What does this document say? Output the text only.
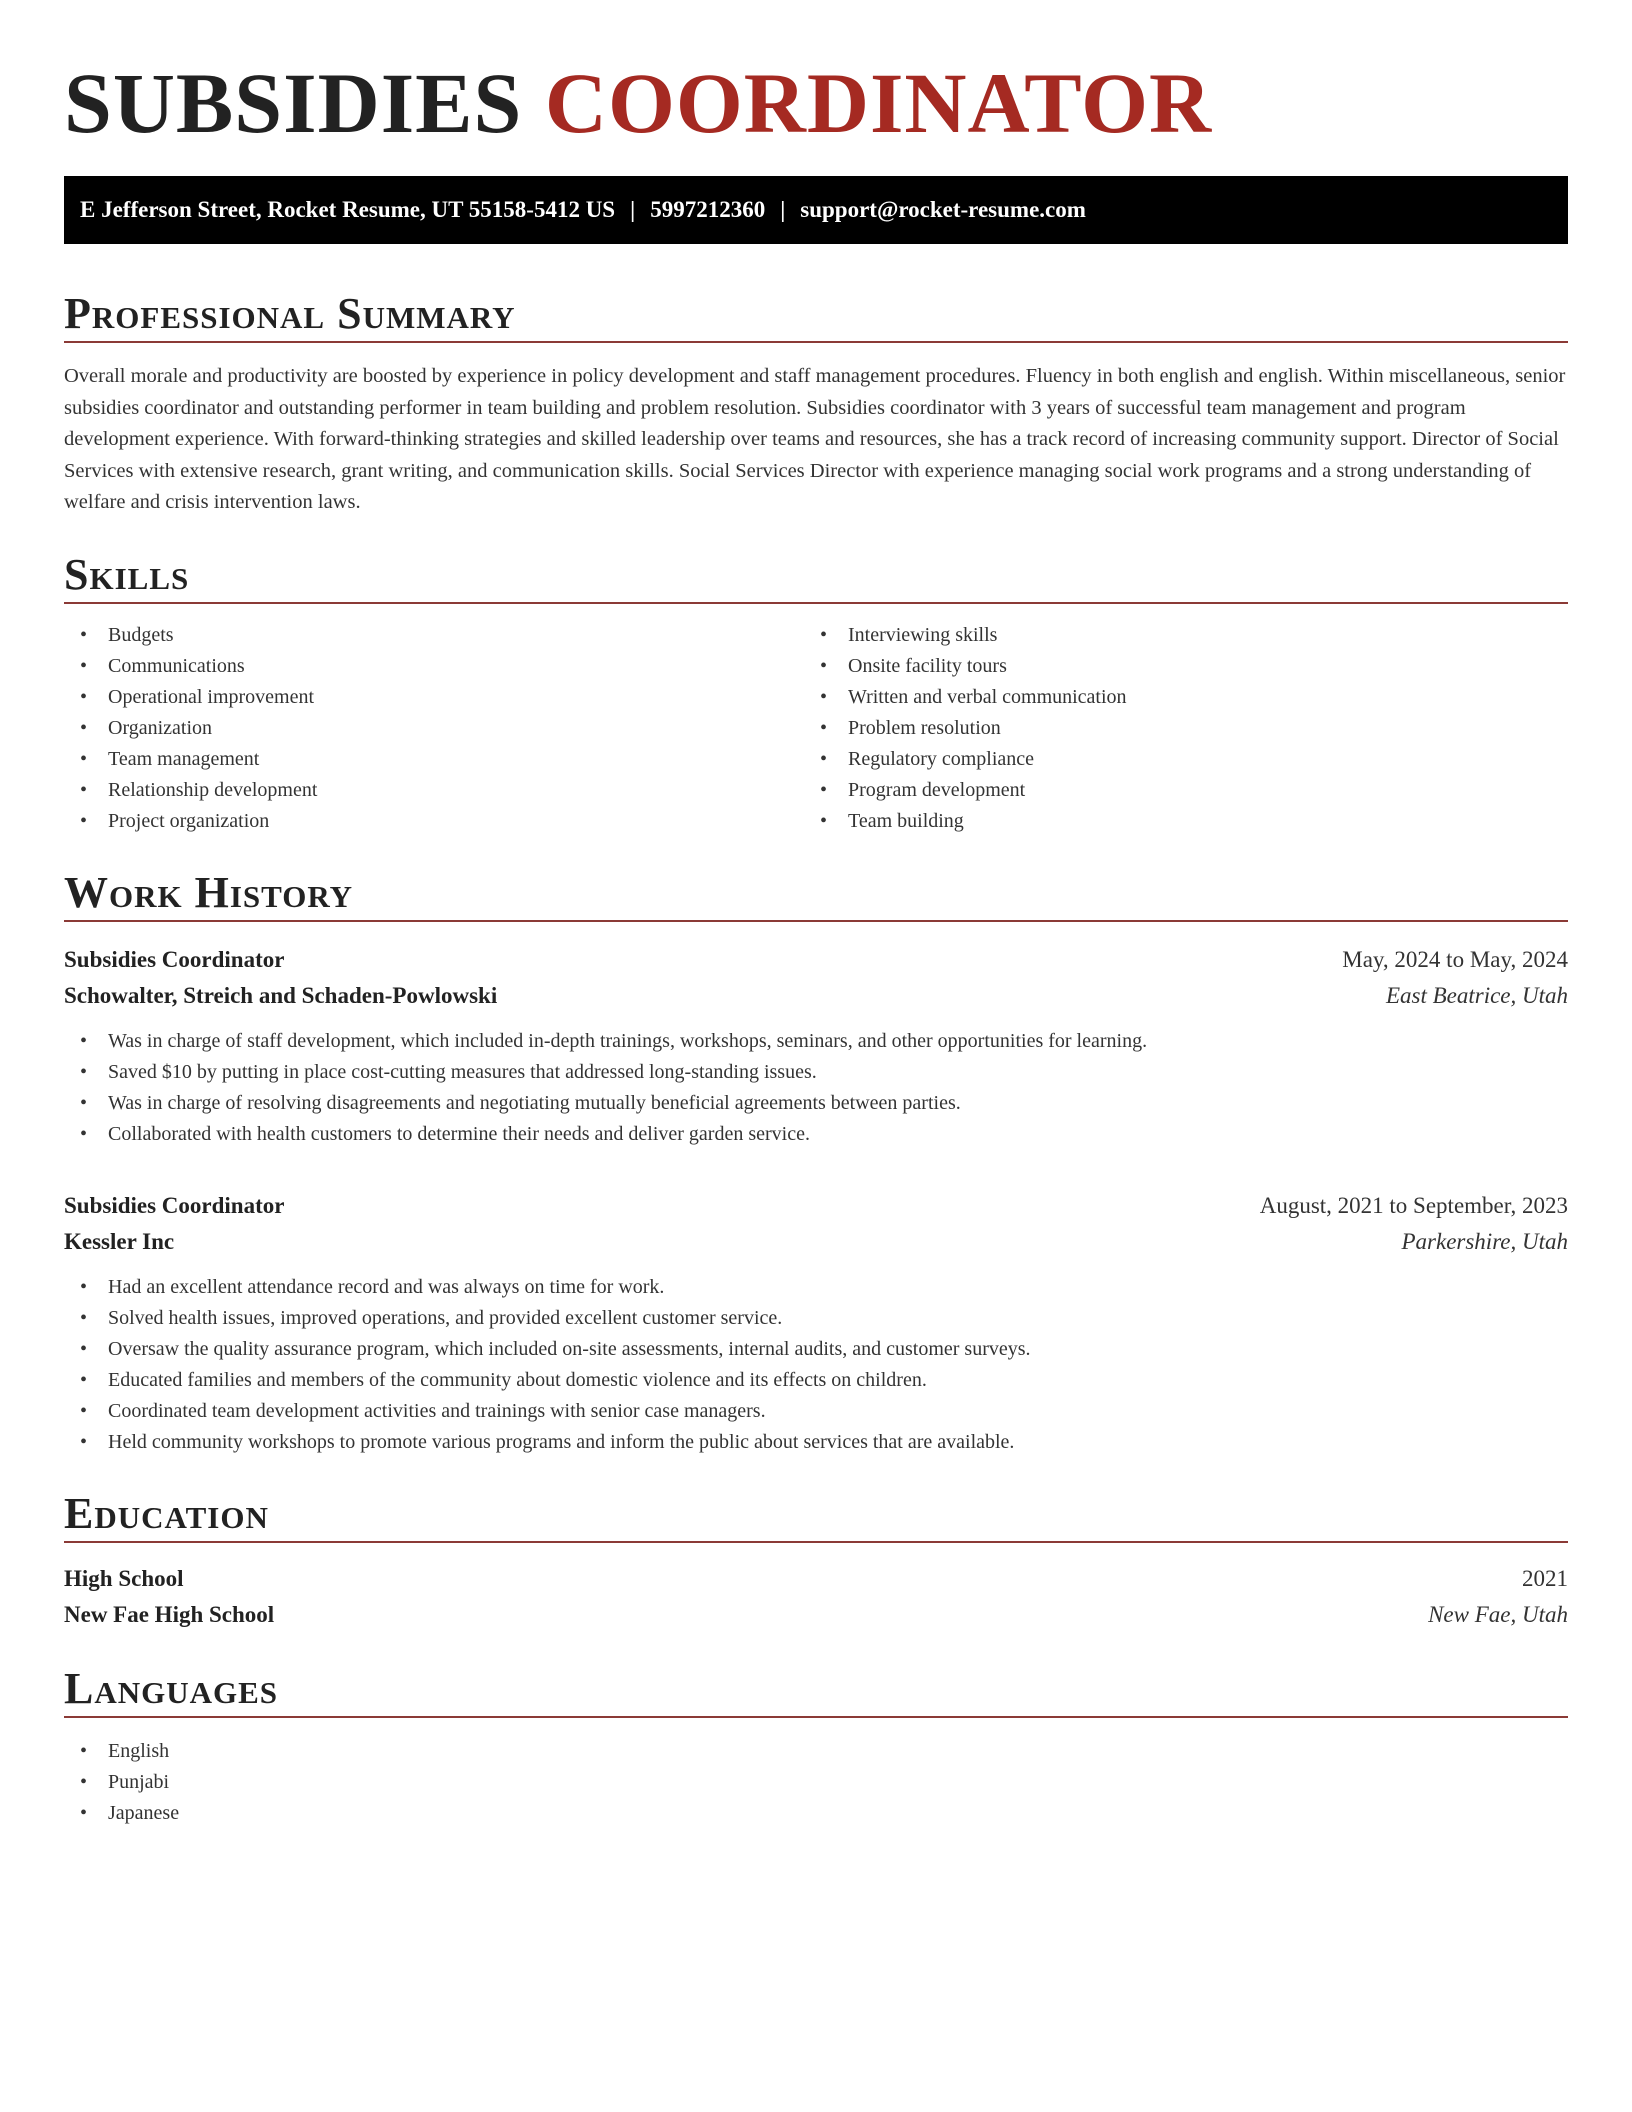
SUBSIDIES COORDINATOR
E Jefferson Street, Rocket Resume, UT 55158-5412 US | 5997212360 | support@rocket-resume.com
Professional Summary

Overall morale and productivity are boosted by experience in policy development and staff management procedures. Fluency in both english and english. Within miscellaneous, senior subsidies coordinator and outstanding performer in team building and problem resolution. Subsidies coordinator with 3 years of successful team management and program development experience. With forward-thinking strategies and skilled leadership over teams and resources, she has a track record of increasing community support. Director of Social Services with extensive research, grant writing, and communication skills. Social Services Director with experience managing social work programs and a strong understanding of welfare and crisis intervention laws.

Skills
• Budgets
• Communications
• Operational improvement
• Organization
• Team management
• Relationship development
• Project organization
• Interviewing skills
• Onsite facility tours
• Written and verbal communication
• Problem resolution
• Regulatory compliance
• Program development
• Team building
Work History
Subsidies Coordinator	May, 2024 to May, 2024
Schowalter, Streich and Schaden-Powlowski	East Beatrice, Utah
• Was in charge of staff development, which included in-depth trainings, workshops, seminars, and other opportunities for learning.
• Saved $10 by putting in place cost-cutting measures that addressed long-standing issues.
• Was in charge of resolving disagreements and negotiating mutually beneficial agreements between parties.
• Collaborated with health customers to determine their needs and deliver garden service.
Subsidies Coordinator	August, 2021 to September, 2023
Kessler Inc	Parkershire, Utah
• Had an excellent attendance record and was always on time for work.
• Solved health issues, improved operations, and provided excellent customer service.
• Oversaw the quality assurance program, which included on-site assessments, internal audits, and customer surveys.
• Educated families and members of the community about domestic violence and its effects on children.
• Coordinated team development activities and trainings with senior case managers.
• Held community workshops to promote various programs and inform the public about services that are available.
Education
High School	2021
New Fae High School	New Fae, Utah
Languages
• English
• Punjabi
• Japanese
